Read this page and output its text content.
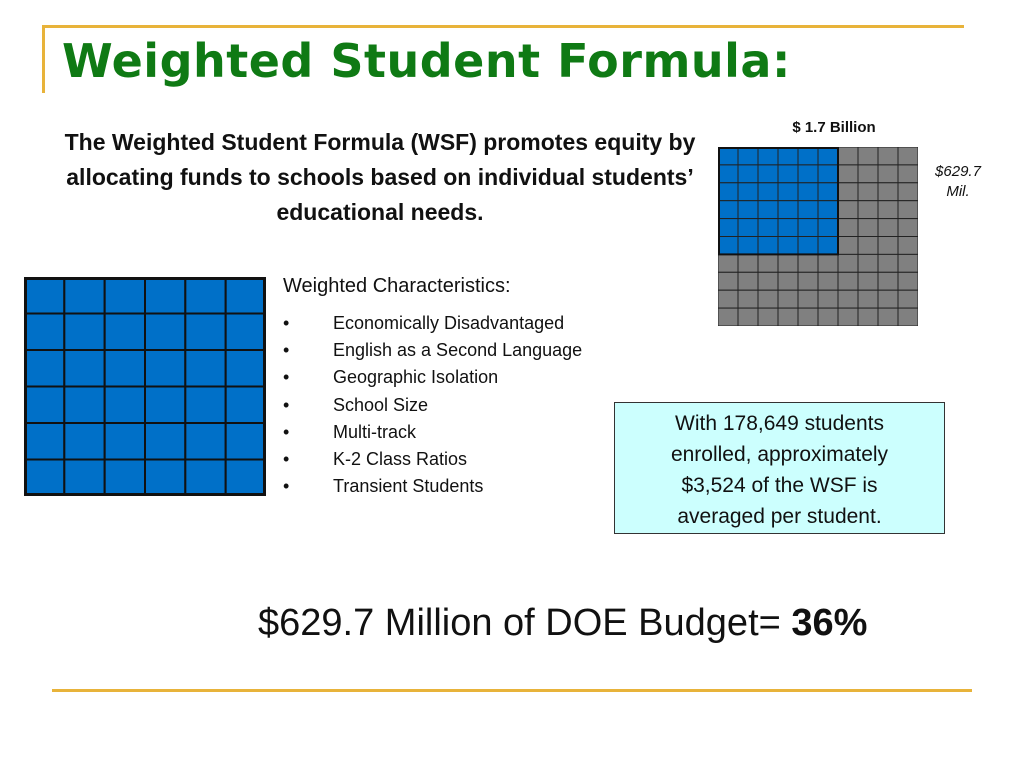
Weighted Student Formula:

The Weighted Student Formula (WSF) promotes equity by allocating funds to schools based on individual students’ educational needs.

$ 1.7 Billion
$629.7
Mil.

Weighted Characteristics:

• Economically Disadvantaged
• English as a Second Language
• Geographic Isolation
• School Size
• Multi-track
• K-2 Class Ratios
• Transient Students
With 178,649 students
enrolled, approximately
$3,524 of the WSF is
averaged per student.

$629.7 Million of DOE Budget= 36%
